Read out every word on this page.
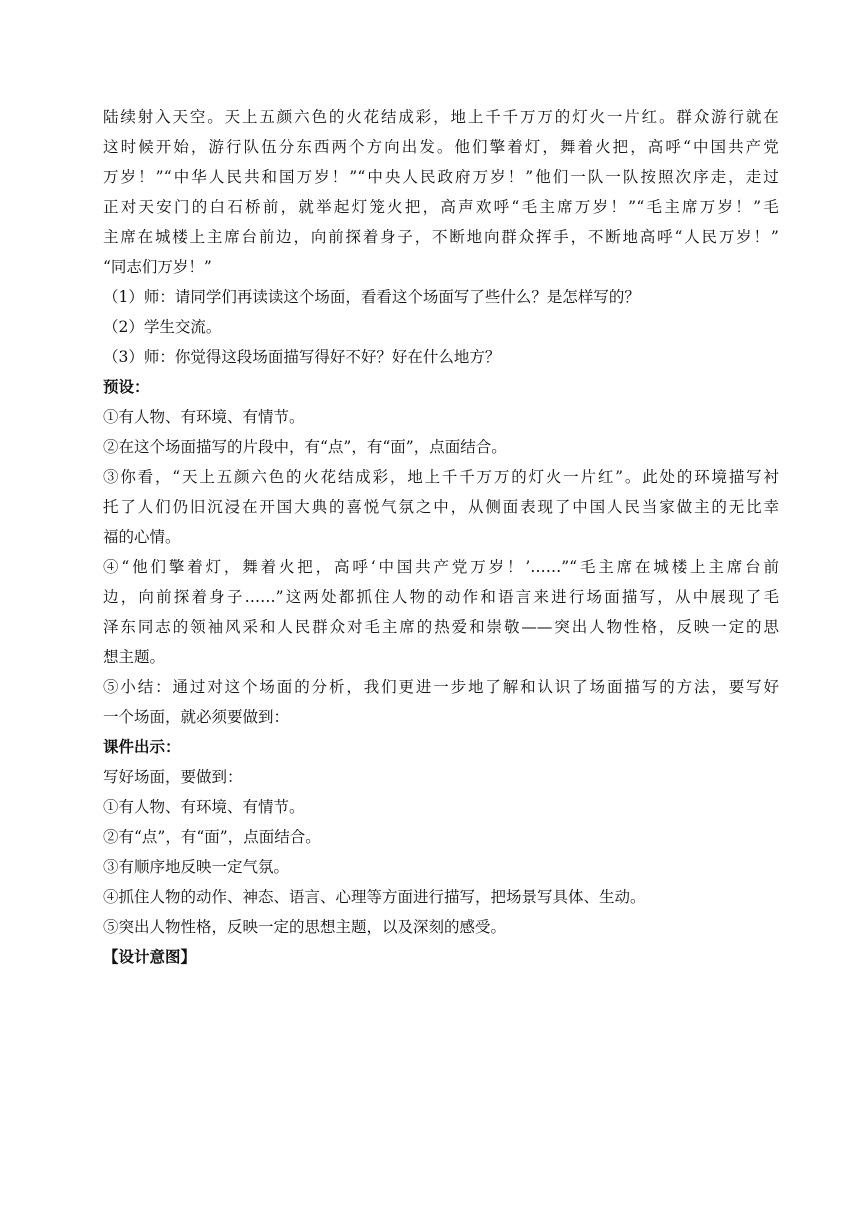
陆续射入天空。天上五颜六色的火花结成彩，地上千千万万的灯火一片红。群众游行就在

这时候开始，游行队伍分东西两个方向出发。他们擎着灯，舞着火把，高呼“中国共产党

万岁！”“中华人民共和国万岁！”“中央人民政府万岁！”他们一队一队按照次序走，走过

正对天安门的白石桥前，就举起灯笼火把，高声欢呼“毛主席万岁！”“毛主席万岁！”毛

主席在城楼上主席台前边，向前探着身子，不断地向群众挥手，不断地高呼“人民万岁！”

“同志们万岁！”

（1）师：请同学们再读读这个场面，看看这个场面写了些什么？是怎样写的？

（2）学生交流。

（3）师：你觉得这段场面描写得好不好？好在什么地方？

预设：

①有人物、有环境、有情节。

②在这个场面描写的片段中，有“点”，有“面”，点面结合。

③你看，“天上五颜六色的火花结成彩，地上千千万万的灯火一片红”。此处的环境描写衬

托了人们仍旧沉浸在开国大典的喜悦气氛之中，从侧面表现了中国人民当家做主的无比幸

福的心情。

④“他们擎着灯，舞着火把，高呼‘中国共产党万岁！’……”“毛主席在城楼上主席台前

边，向前探着身子……”这两处都抓住人物的动作和语言来进行场面描写，从中展现了毛

泽东同志的领袖风采和人民群众对毛主席的热爱和崇敬——突出人物性格，反映一定的思

想主题。

⑤小结：通过对这个场面的分析，我们更进一步地了解和认识了场面描写的方法，要写好

一个场面，就必须要做到：

课件出示：

写好场面，要做到：

①有人物、有环境、有情节。

②有“点”，有“面”，点面结合。

③有顺序地反映一定气氛。

④抓住人物的动作、神态、语言、心理等方面进行描写，把场景写具体、生动。

⑤突出人物性格，反映一定的思想主题，以及深刻的感受。

【设计意图】
